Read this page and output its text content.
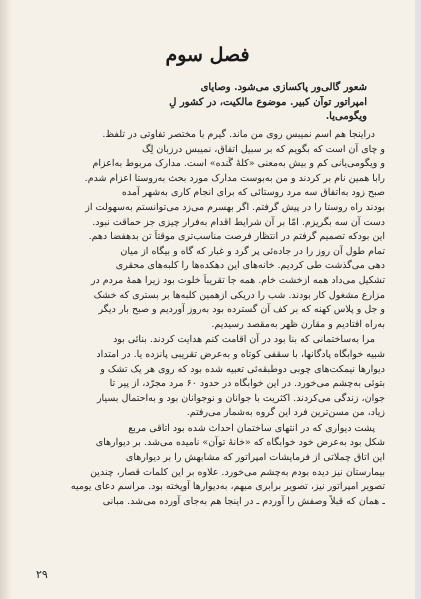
فصل سوم
شعور گالی‌ور پاکسازی می‌شود. وصایای
امپراتور توآن کبیر. موضوع مالکیت، در کشور لِ
ویگومی‌یا.

دراینجا هم اسم نمیبس روی من ماند. گیرم با مختصر تفاوتی در تلفظ.
و چای آن است که بگویم که بر سبیل اتفاق، نمیبس درزبان لِگ
و ویگومی‌یانی کم و بیش به‌معنی «کلهٔ گُنده» است. مدارک مربوط به‌اعزام
رابا همین نام بر کردند و من به‌بوست مدارک مورد بحث به‌روستا اعزام شدم.
صبح زود به‌اتفاق سه مرد روستائی که برای انجام کاری به‌شهر آمده
بودند راه روستا را در پیش گرفتم. اگر بهسرم می‌زد می‌توانستم به‌سهولت از
دست آن سه بگریزم. امّا بر آن شرایط اقدام به‌فرار چیزی جز حماقت نبود.
این بودکه تصمیم گرفتم در انتظار فرصت مناسب‌تری موقتاً تن بدهفضا دهم.
تمام طول آن روز را در جاده‌ئی پر گرد و غبار که گاه و بیگاه از میان
دهی می‌گذشت طی کردیم. خانه‌های این دهکده‌ها را کلبه‌های محقری
تشکیل می‌داد همه ازخشت خام. همه جا تقریباً خلوت بود زیرا همهٔ مردم در
مزارع مشغول کار بودند. شب را دریکی ازهمین کلبه‌ها بر بستری که خشک
و جل و پلاس کهنه که بر کف آن گسترده بود به‌روز آوردیم و صبح بار دیگر
به‌راه افتادیم و مقارن ظهر به‌مقصد رسیدیم.

مرا به‌ساختمانی که بنا بود در آن اقامت کنم هدایت کردند. بنائی بود
شبیه خوابگاه پادگانها، با سقفی کوتاه و به‌عرض تقریبی پانزده یا. در امتداد
دیوارها نیمکت‌های چوبی دوطبقه‌ئی تعبیه شده بود که روی هر یک تشک و
بتوئی به‌چشم می‌خورد. در این خوابگاه در حدود ۶۰ مرد مجرّد، از پیر تا
جوان، زندگی می‌کردند. اکثریت با جوانان و نوجوانان بود و به‌احتمال بسیار
زیاد، من مسن‌ترین فرد این گروه به‌شمار می‌رفتم.

پشت دیواری که در انتهای ساختمان احداث شده بود اتاقی مربع
شکل بود به‌عرض خود خوابگاه که «خانهٔ توآن» نامیده می‌شد. بر دیوارهای
این اتاق چملاتی از فرمایشات امپراتور که مشابهش را بر دیوارهای
بیمارستان نیز دیده بودم به‌چشم می‌خورد. علاوه بر این کلمات قصار، چندین
تصویر امپراتور نیز، تصویر برابری مبهم، به‌دیوارها آویخته بود. مراسم دعای یومیه
ـ همان که قبلاً وصفش را آوردم ـ در اینجا هم به‌جای آورده می‌شد. مبانی

۲۹
